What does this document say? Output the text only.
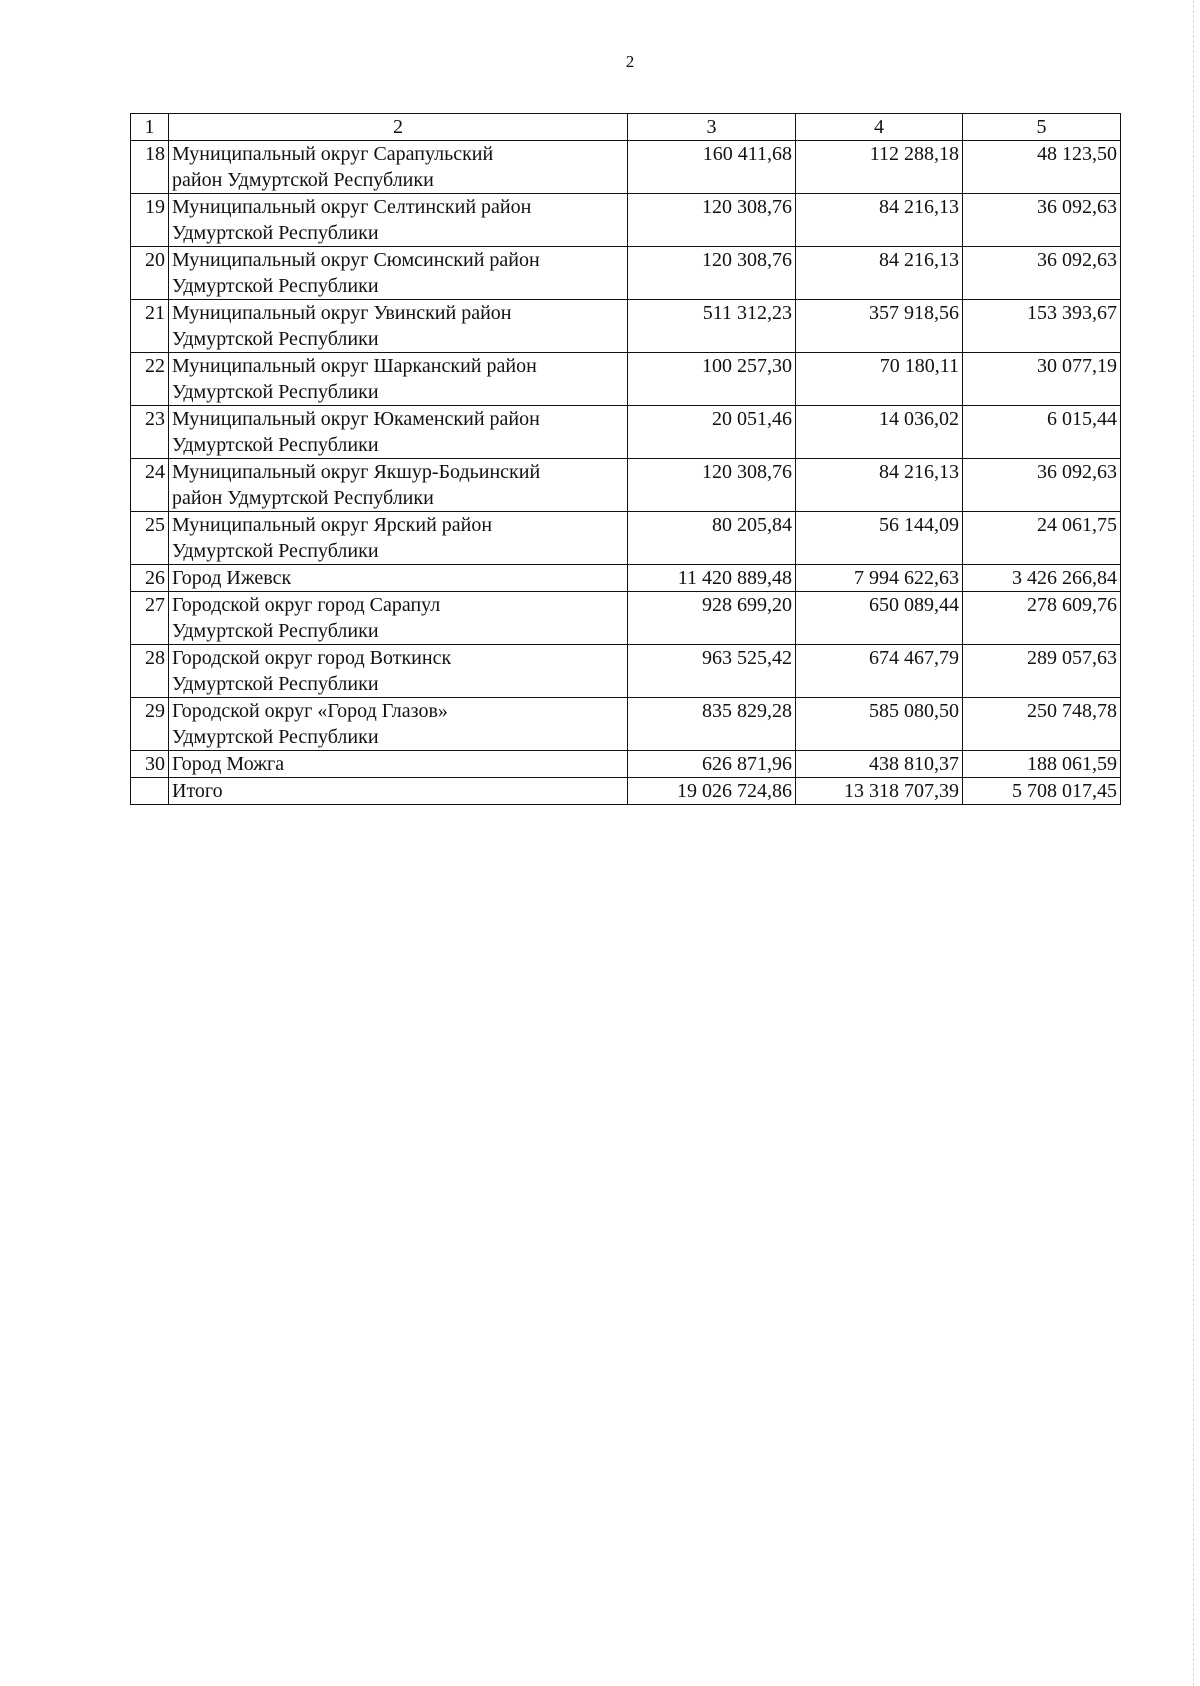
2
1	2	3	4	5
18	Муниципальный округ Сарапульский
район Удмуртской Республики	160 411,68	112 288,18	48 123,50
19	Муниципальный округ Селтинский район
Удмуртской Республики	120 308,76	84 216,13	36 092,63
20	Муниципальный округ Сюмсинский район
Удмуртской Республики	120 308,76	84 216,13	36 092,63
21	Муниципальный округ Увинский район
Удмуртской Республики	511 312,23	357 918,56	153 393,67
22	Муниципальный округ Шарканский район
Удмуртской Республики	100 257,30	70 180,11	30 077,19
23	Муниципальный округ Юкаменский район
Удмуртской Республики	20 051,46	14 036,02	6 015,44
24	Муниципальный округ Якшур-Бодьинский
район Удмуртской Республики	120 308,76	84 216,13	36 092,63
25	Муниципальный округ Ярский район
Удмуртской Республики	80 205,84	56 144,09	24 061,75
26	Город Ижевск	11 420 889,48	7 994 622,63	3 426 266,84
27	Городской округ город Сарапул
Удмуртской Республики	928 699,20	650 089,44	278 609,76
28	Городской округ город Воткинск
Удмуртской Республики	963 525,42	674 467,79	289 057,63
29	Городской округ «Город Глазов»
Удмуртской Республики	835 829,28	585 080,50	250 748,78
30	Город Можга	626 871,96	438 810,37	188 061,59
	Итого	19 026 724,86	13 318 707,39	5 708 017,45
